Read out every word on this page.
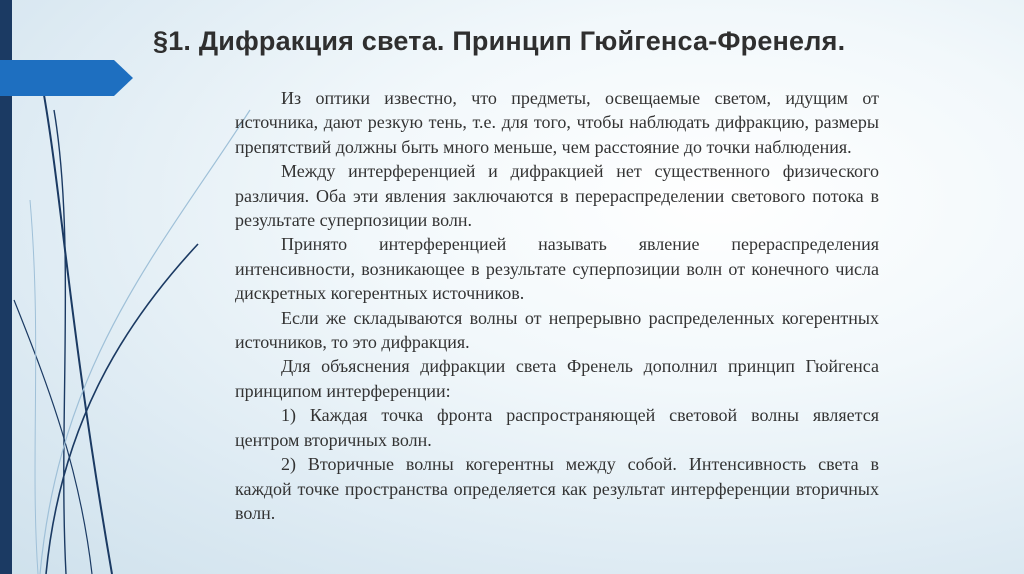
§1. Дифракция света. Принцип Гюйгенса-Френеля.

Из оптики известно, что предметы, освещаемые светом, идущим от источника, дают резкую тень, т.е. для того, чтобы наблюдать дифракцию, размеры препятствий должны быть много меньше, чем расстояние до точки наблюдения.

Между интерференцией и дифракцией нет существенного физического различия. Оба эти явления заключаются в перераспределении светового потока в результате суперпозиции волн.

Принято интерференцией называть явление перераспределения интенсивности, возникающее в результате суперпозиции волн от конечного числа дискретных когерентных источников.

Если же складываются волны от непрерывно распределенных когерентных источников, то это дифракция.

Для объяснения дифракции света Френель дополнил принцип Гюйгенса принципом интерференции:

1) Каждая точка фронта распространяющей световой волны является центром вторичных волн.

2) Вторичные волны когерентны между собой. Интенсивность света в каждой точке пространства определяется как результат интерференции вторичных волн.
